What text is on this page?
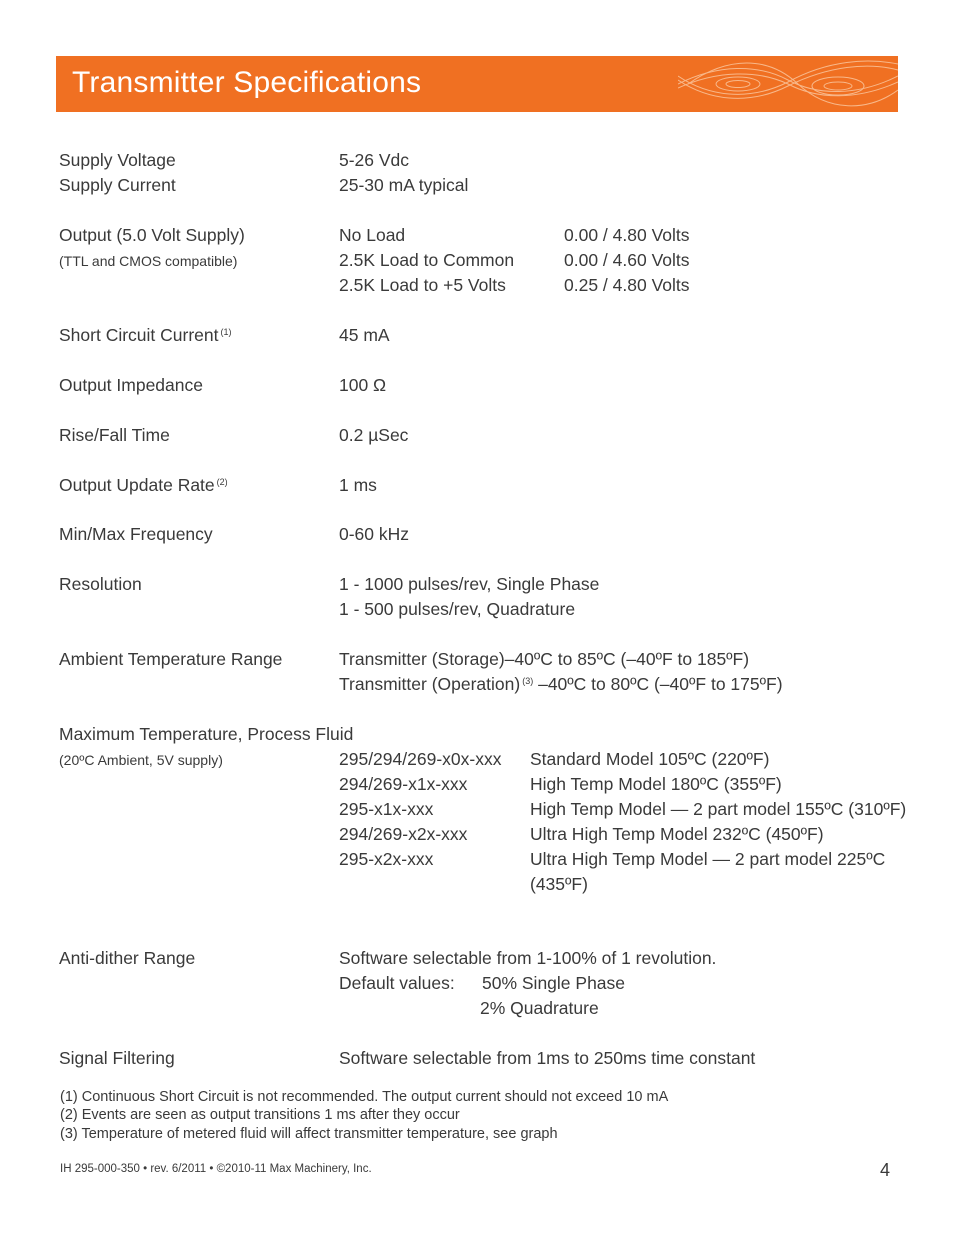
Transmitter Specifications
Supply Voltage	5-26 Vdc
Supply Current	25-30 mA typical
Output (5.0 Volt Supply)
(TTL and CMOS compatible)
No Load	0.00 / 4.80 Volts
2.5K Load to Common	0.00 / 4.60 Volts
2.5K Load to +5 Volts	0.25 / 4.80 Volts
Short Circuit Current $^{(1)}$	45 mA
Output Impedance	100 Ω
Rise/Fall Time	0.2 µSec
Output Update Rate $^{(2)}$	1 ms
Min/Max Frequency	0-60 kHz
Resolution	1 - 1000 pulses/rev, Single Phase
1 - 500 pulses/rev, Quadrature
Ambient Temperature Range	Transmitter (Storage)–40ºC to 85ºC (–40ºF to 185ºF)
Transmitter (Operation) $^{(3)}$ –40ºC to 80ºC (–40ºF to 175ºF)
Maximum Temperature, Process Fluid
(20ºC Ambient, 5V supply)	295/294/269-x0x-xxx Standard Model 105ºC (220ºF)
294/269-x1x-xxx	High Temp Model 180ºC (355ºF)
295-x1x-xxx	High Temp Model — 2 part model 155ºC (310ºF)
294/269-x2x-xxx	Ultra High Temp Model 232ºC (450ºF)
295-x2x-xxx	Ultra High Temp Model — 2 part model 225ºC
(435ºF)
Anti-dither Range	Software selectable from 1-100% of 1 revolution.
Default values: 50% Single Phase
2% Quadrature
Signal Filtering	Software selectable from 1ms to 250ms time constant
(1) Continuous Short Circuit is not recommended. The output current should not exceed 10 mA
(2) Events are seen as output transitions 1 ms after they occur
(3) Temperature of metered fluid will affect transmitter temperature, see graph
IH 295-000-350 • rev. 6/2011 • ©2010-11 Max Machinery, Inc.	4
